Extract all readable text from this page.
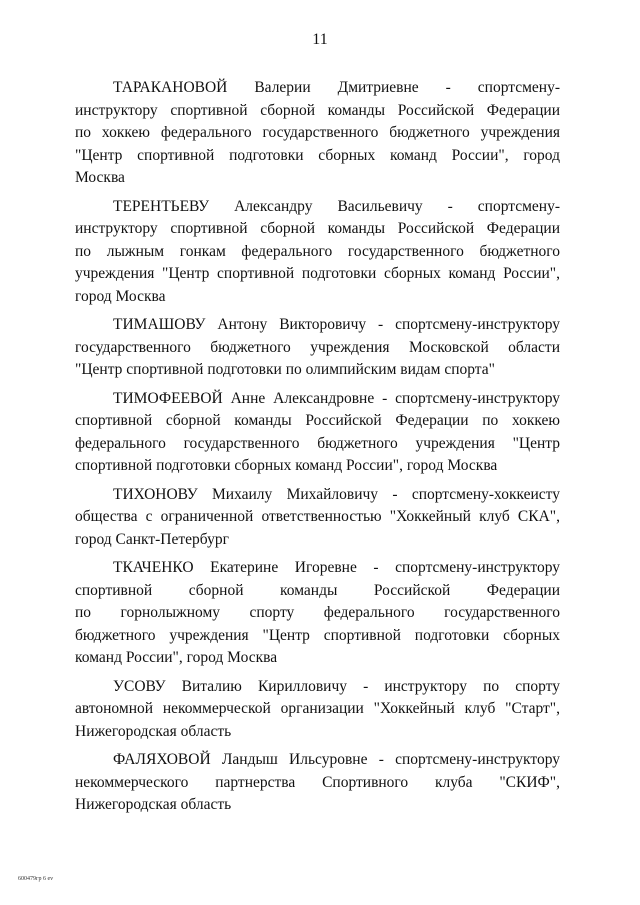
11
ТАРАКАНОВОЙ Валерии Дмитриевне - спортсмену-
инструктору спортивной сборной команды Российской Федерации
по хоккею федерального государственного бюджетного учреждения
"Центр спортивной подготовки сборных команд России", город
Москва
ТЕРЕНТЬЕВУ Александру Васильевичу - спортсмену-
инструктору спортивной сборной команды Российской Федерации
по лыжным гонкам федерального государственного бюджетного
учреждения "Центр спортивной подготовки сборных команд России",
город Москва
ТИМАШОВУ Антону Викторовичу - спортсмену-инструктору
государственного бюджетного учреждения Московской области
"Центр спортивной подготовки по олимпийским видам спорта"
ТИМОФЕЕВОЙ Анне Александровне - спортсмену-инструктору
спортивной сборной команды Российской Федерации по хоккею
федерального государственного бюджетного учреждения "Центр
спортивной подготовки сборных команд России", город Москва
ТИХОНОВУ Михаилу Михайловичу - спортсмену-хоккеисту
общества с ограниченной ответственностью "Хоккейный клуб СКА",
город Санкт-Петербург
ТКАЧЕНКО Екатерине Игоревне - спортсмену-инструктору
спортивной сборной команды Российской Федерации
по горнолыжному спорту федерального государственного
бюджетного учреждения "Центр спортивной подготовки сборных
команд России", город Москва
УСОВУ Виталию Кирилловичу - инструктору по спорту
автономной некоммерческой организации "Хоккейный клуб "Старт",
Нижегородская область
ФАЛЯХОВОЙ Ландыш Ильсуровне - спортсмену-инструктору
некоммерческого партнерства Спортивного клуба "СКИФ",
Нижегородская область
600479гр 6 ev
